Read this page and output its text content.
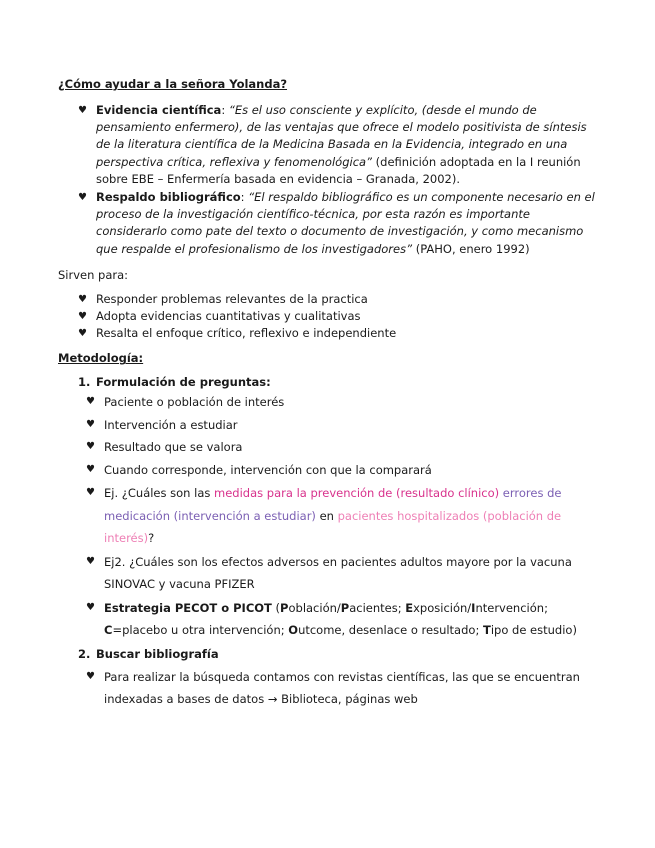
¿Cómo ayudar a la señora Yolanda?
♥ Evidencia científica: “Es el uso consciente y explícito, (desde el mundo de pensamiento enfermero), de las ventajas que ofrece el modelo positivista de síntesis de la literatura científica de la Medicina Basada en la Evidencia, integrado en una perspectiva crítica, reflexiva y fenomenológica” (definición adoptada en la I reunión sobre EBE – Enfermería basada en evidencia – Granada, 2002).
♥ Respaldo bibliográfico: “El respaldo bibliográfico es un componente necesario en el proceso de la investigación científico-técnica, por esta razón es importante considerarlo como pate del texto o documento de investigación, y como mecanismo que respalde el profesionalismo de los investigadores” (PAHO, enero 1992)
Sirven para:
♥ Responder problemas relevantes de la practica
♥ Adopta evidencias cuantitativas y cualitativas
♥ Resalta el enfoque crítico, reflexivo e independiente
Metodología:
1. Formulación de preguntas:
♥ Paciente o población de interés
♥ Intervención a estudiar
♥ Resultado que se valora
♥ Cuando corresponde, intervención con que la comparará
♥ Ej. ¿Cuáles son las medidas para la prevención de (resultado clínico) errores de medicación (intervención a estudiar) en pacientes hospitalizados (población de interés)?
♥ Ej2. ¿Cuáles son los efectos adversos en pacientes adultos mayore por la vacuna SINOVAC y vacuna PFIZER
♥ Estrategia PECOT o PICOT (Población/Pacientes; Exposición/Intervención; C=placebo u otra intervención; Outcome, desenlace o resultado; Tipo de estudio)
2. Buscar bibliografía
♥ Para realizar la búsqueda contamos con revistas científicas, las que se encuentran indexadas a bases de datos → Biblioteca, páginas web
